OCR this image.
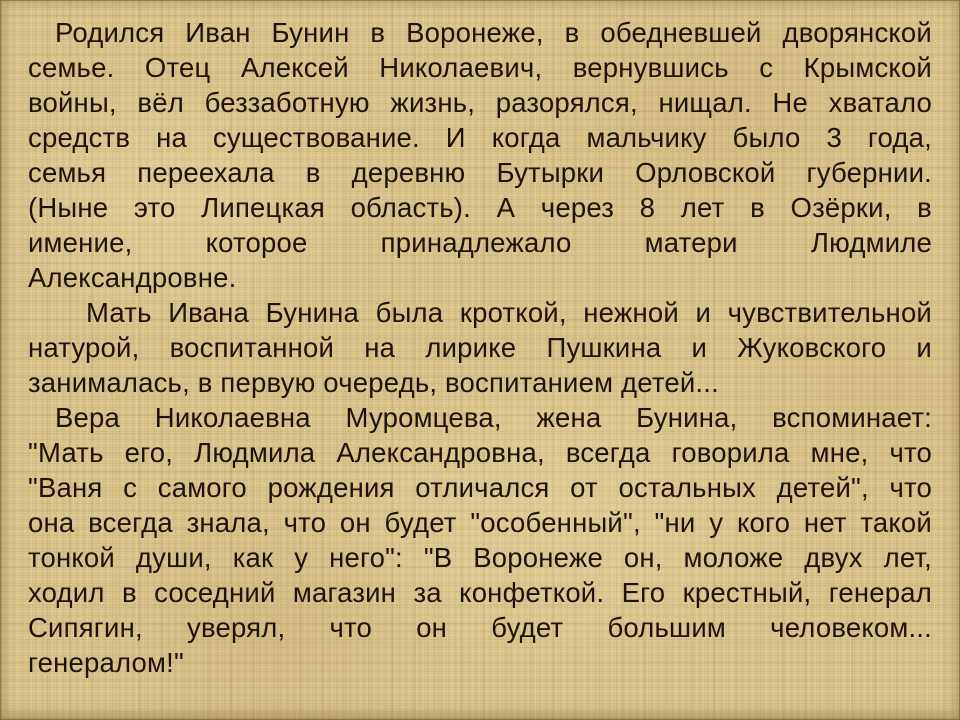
Родился Иван Бунин в Воронеже, в обедневшей дворянской
семье. Отец Алексей Николаевич, вернувшись с Крымской
войны, вёл беззаботную жизнь, разорялся, нищал. Не хватало
средств на существование. И когда мальчику было 3 года,
семья переехала в деревню Бутырки Орловской губернии.
(Ныне это Липецкая область). А через 8 лет в Озёрки, в
имение, которое принадлежало матери Людмиле
Александровне.
Мать Ивана Бунина была кроткой, нежной и чувствительной
натурой, воспитанной на лирике Пушкина и Жуковского и
занималась, в первую очередь, воспитанием детей...
Вера Николаевна Муромцева, жена Бунина, вспоминает:
"Мать его, Людмила Александровна, всегда говорила мне, что
"Ваня с самого рождения отличался от остальных детей", что
она всегда знала, что он будет "особенный", "ни у кого нет такой
тонкой души, как у него": "В Воронеже он, моложе двух лет,
ходил в соседний магазин за конфеткой. Его крестный, генерал
Сипягин, уверял, что он будет большим человеком...
генералом!"
